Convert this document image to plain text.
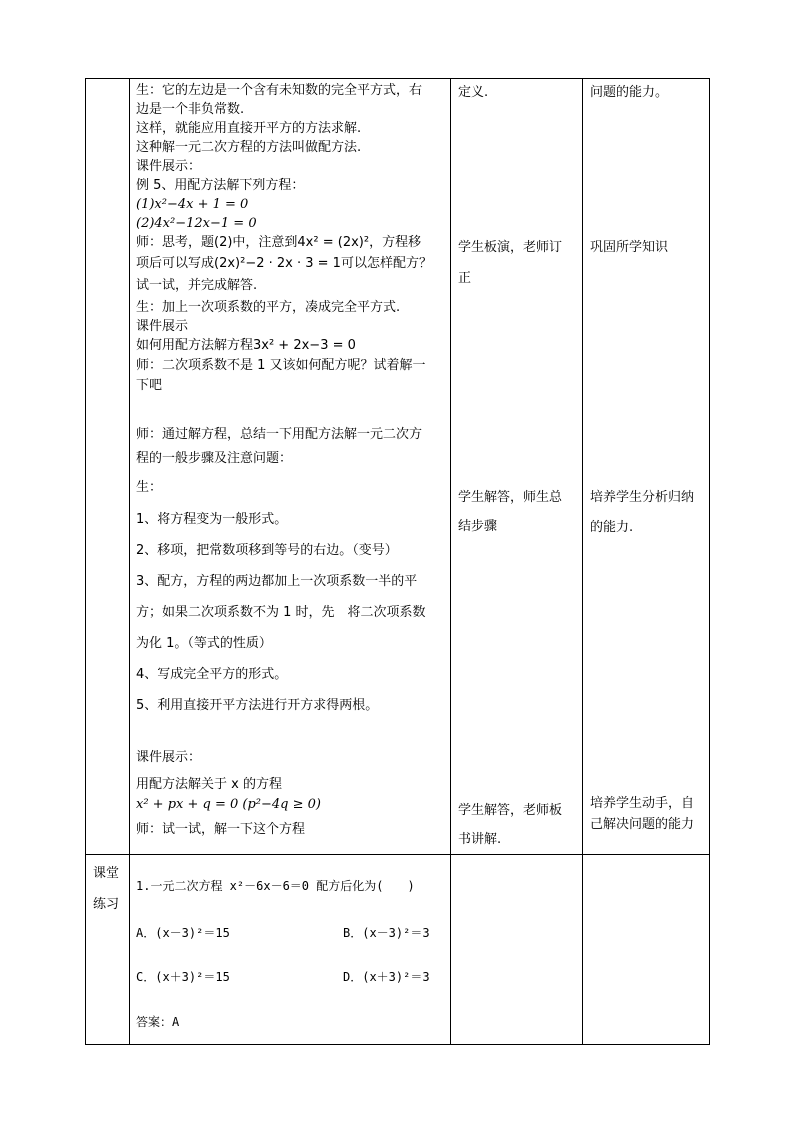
生：它的左边是一个含有未知数的完全平方式，右
边是一个非负常数.
这样，就能应用直接开平方的方法求解.
这种解一元二次方程的方法叫做配方法.
课件展示：
例 5、用配方法解下列方程：
(1)x²−4x + 1 = 0
(2)4x²−12x−1 = 0
师：思考，题(2)中，注意到4x² = (2x)²，方程移
项后可以写成(2x)²−2 · 2x · 3 = 1可以怎样配方？
试一试，并完成解答.
生：加上一次项系数的平方，凑成完全平方式.
课件展示
如何用配方法解方程3x² + 2x−3 = 0
师：二次项系数不是 1 又该如何配方呢？试着解一
下吧
师：通过解方程，总结一下用配方法解一元二次方
程的一般步骤及注意问题：
生：
1、将方程变为一般形式。
2、移项，把常数项移到等号的右边。（变号）
3、配方，方程的两边都加上一次项系数一半的平
方；如果二次项系数不为 1 时，先　将二次项系数
为化 1。（等式的性质）
4、写成完全平方的形式。
5、利用直接开平方法进行开方求得两根。
课件展示：
用配方法解关于 x 的方程
x² + px + q = 0 (p²−4q ≥ 0)
师：试一试，解一下这个方程
定义.
学生板演，老师订
正
学生解答，师生总
结步骤
学生解答，老师板
书讲解.
问题的能力。
巩固所学知识
培养学生分析归纳
的能力.
培养学生动手，自
己解决问题的能力
课堂
练习
1.一元二次方程 x²－6x－6＝0 配方后化为(　　)
A．(x－3)²＝15	B．(x－3)²＝3
C．(x＋3)²＝15	D．(x＋3)²＝3
答案：A
